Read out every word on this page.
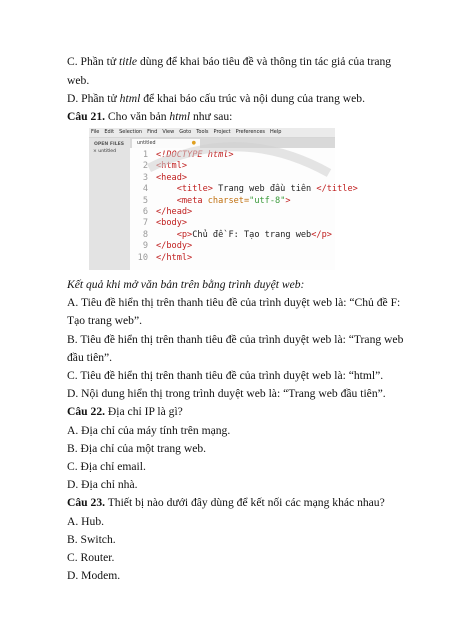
C. Phần tử title dùng để khai báo tiêu đề và thông tin tác giả của trang
web.
D. Phần tử html để khai báo cấu trúc và nội dung của trang web.
Câu 21. Cho văn bản html như sau:
File Edit Selection Find View Goto Tools Project Preferences Help
OPEN FILES
× untitled
untitled	●
1 <!DOCTYPE html>
2 <html>
3 <head>
4	<title> Trang web đầu tiên </title>
5	<meta charset="utf-8">
6 </head>
7 <body>
8	<p>Chủ đề F: Tạo trang web</p>
9 </body>
10 </html>
Kết quả khi mở văn bản trên bằng trình duyệt web:
A. Tiêu đề hiển thị trên thanh tiêu đề của trình duyệt web là: “Chủ đề F:
Tạo trang web”.
B. Tiêu đề hiển thị trên thanh tiêu đề của trình duyệt web là: “Trang web
đầu tiên”.
C. Tiêu đề hiển thị trên thanh tiêu đề của trình duyệt web là: “html”.
D. Nội dung hiển thị trong trình duyệt web là: “Trang web đầu tiên”.
Câu 22. Địa chỉ IP là gì?
A. Địa chỉ của máy tính trên mạng.
B. Địa chỉ của một trang web.
C. Địa chỉ email.
D. Địa chỉ nhà.
Câu 23. Thiết bị nào dưới đây dùng để kết nối các mạng khác nhau?
A. Hub.
B. Switch.
C. Router.
D. Modem.
